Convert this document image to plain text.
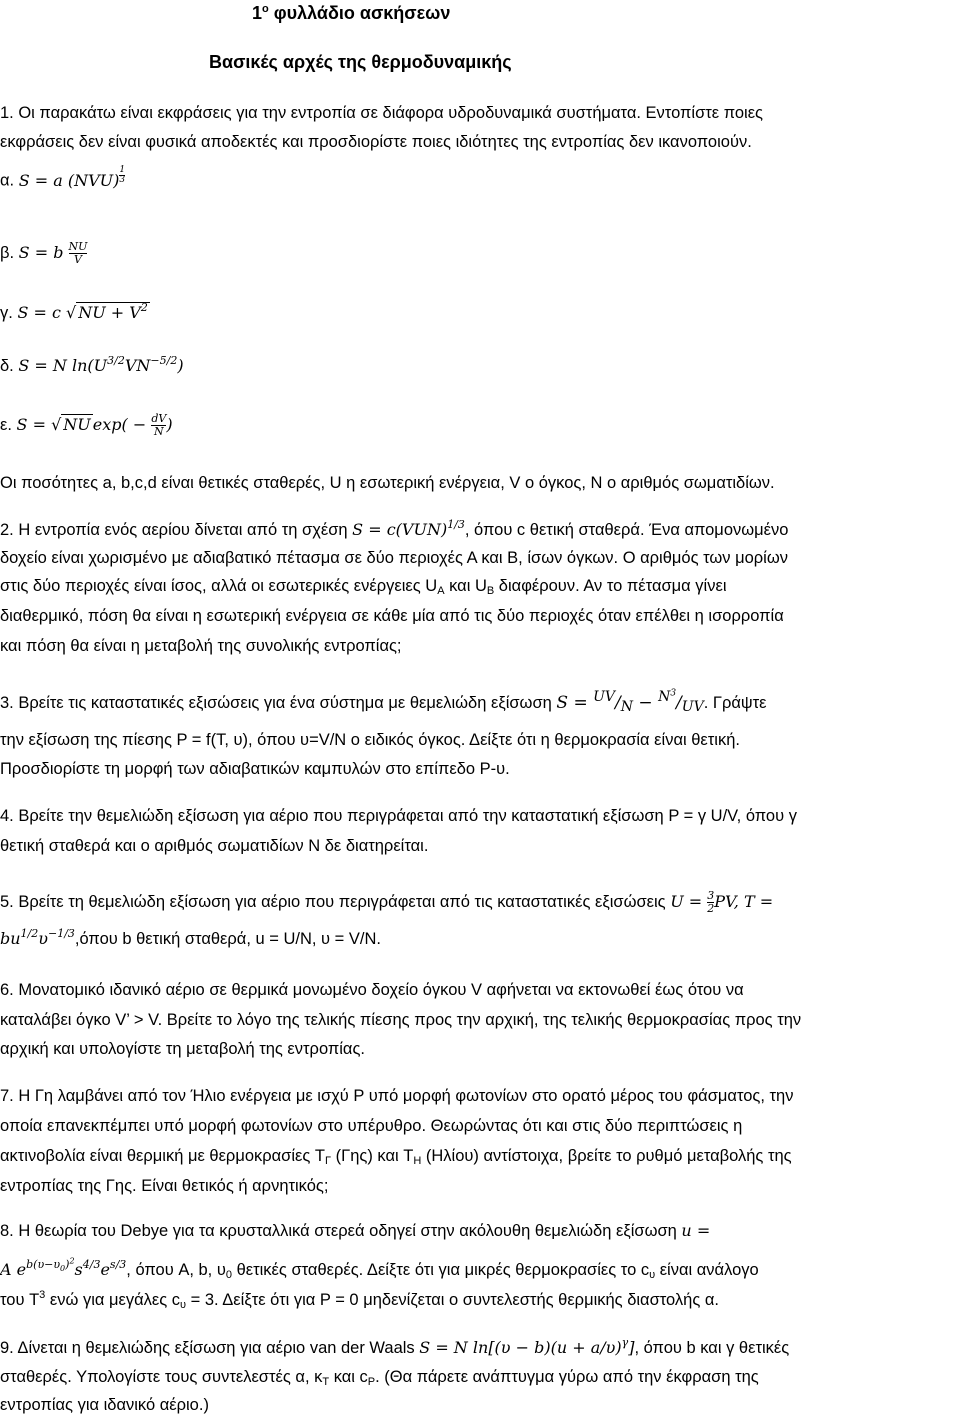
$1^o$ φυλλάδιο ασκήσεων
Βασικές αρχές της θερμοδυναμικής
1. Οι παρακάτω είναι εκφράσεις για την εντροπία σε διάφορα υδροδυναμικά συστήματα. Εντοπίστε ποιες
εκφράσεις δεν είναι φυσικά αποδεκτές και προσδιορίστε ποιες ιδιότητες της εντροπίας δεν ικανοποιούν.
α. S = a (NVU) $^{\frac{1}{3}}$
β. S = b $\frac{NU}{V}$
γ. S = c √ NU + $V^2$
δ. S = N $\ln(U^{3/2}VN^{-5/2})$
ε. S = √ NU $\exp( - \frac{dV}{N}$ )
Οι ποσότητες a, b,c,d είναι θετικές σταθερές, U η εσωτερική ενέργεια, V ο όγκος, N ο αριθμός σωματιδίων.
2. Η εντροπία ενός αερίου δίνεται από τη σχέση S = c(VUN)$^{1/3}$, όπου c θετική σταθερά. Ένα απομονωμένο
δοχείο είναι χωρισμένο με αδιαβατικό πέτασμα σε δύο περιοχές Α και Β, ίσων όγκων. Ο αριθμός των μορίων
στις δύο περιοχές είναι ίσος, αλλά οι εσωτερικές ενέργειες $U_A$ και $U_B$ διαφέρουν. Αν το πέτασμα γίνει
διαθερμικό, πόση θα είναι η εσωτερική ενέργεια σε κάθε μία από τις δύο περιοχές όταν επέλθει η ισορροπία
και πόση θα είναι η μεταβολή της συνολικής εντροπίας;
3. Βρείτε τις καταστατικές εξισώσεις για ένα σύστημα με θεμελιώδη εξίσωση $S = ^{UV}/_N - ^{N^3}/_{UV}$. Γράψτε
την εξίσωση της πίεσης P = f(T, υ), όπου υ=V/N ο ειδικός όγκος. Δείξτε ότι η θερμοκρασία είναι θετική.
Προσδιορίστε τη μορφή των αδιαβατικών καμπυλών στο επίπεδο P-υ.
4. Βρείτε την θεμελιώδη εξίσωση για αέριο που περιγράφεται από την καταστατική εξίσωση P = γ U/V, όπου γ
θετική σταθερά και ο αριθμός σωματιδίων N δε διατηρείται.
5. Βρείτε τη θεμελιώδη εξίσωση για αέριο που περιγράφεται από τις καταστατικές εξισώσεις $U = \frac{3}{2}$ PV, T =
$bu^{1/2}\upsilon^{-1/3},ό\pi o\upsilon$ b θετική σταθερά, u = U/N, υ = V/N.
6. Μονατομικό ιδανικό αέριο σε θερμικά μονωμένο δοχείο όγκου V αφήνεται να εκτονωθεί έως ότου να
καταλάβει όγκο V’ > V. Βρείτε το λόγο της τελικής πίεσης προς την αρχική, της τελικής θερμοκρασίας προς την
αρχική και υπολογίστε τη μεταβολή της εντροπίας.
7. Η Γη λαμβάνει από τον Ήλιο ενέργεια με ισχύ P υπό μορφή φωτονίων στο ορατό μέρος του φάσματος, την
οποία επανεκπέμπει υπό μορφή φωτονίων στο υπέρυθρο. Θεωρώντας ότι και στις δύο περιπτώσεις η
ακτινοβολία είναι θερμική με θερμοκρασίες $T_\Gamma$ (Γης) και $T_H$ (Ηλίου) αντίστοιχα, βρείτε το ρυθμό μεταβολής της
εντροπίας της Γης. Είναι θετικός ή αρνητικός;
8. Η θεωρία του Debye για τα κρυσταλλικά στερεά οδηγεί στην ακόλουθη θεμελιώδη εξίσωση u =
A $e^{b(\upsilon-\upsilon_0)^2}s^{4/3}e^{s/3}$, όπου A, b, $\upsilon_0$ θετικές σταθερές. Δείξτε ότι για μικρές θερμοκρασίες το $c_\upsilon$ είναι ανάλογο
του $T^3$ ενώ για μεγάλες $c_\upsilon = 3$. Δείξτε ότι για P = 0 μηδενίζεται ο συντελεστής θερμικής διαστολής α.
9. Δίνεται η θεμελιώδης εξίσωση για αέριο van der Waals S = N $\ln[(\upsilon - b)(u + a/\upsilon)^\gamma]$, όπου b και γ θετικές
σταθερές. Υπολογίστε τους συντελεστές α, $\kappa_T$ και $c_P$. (Θα πάρετε ανάπτυγμα γύρω από την έκφραση της
εντροπίας για ιδανικό αέριο.)
